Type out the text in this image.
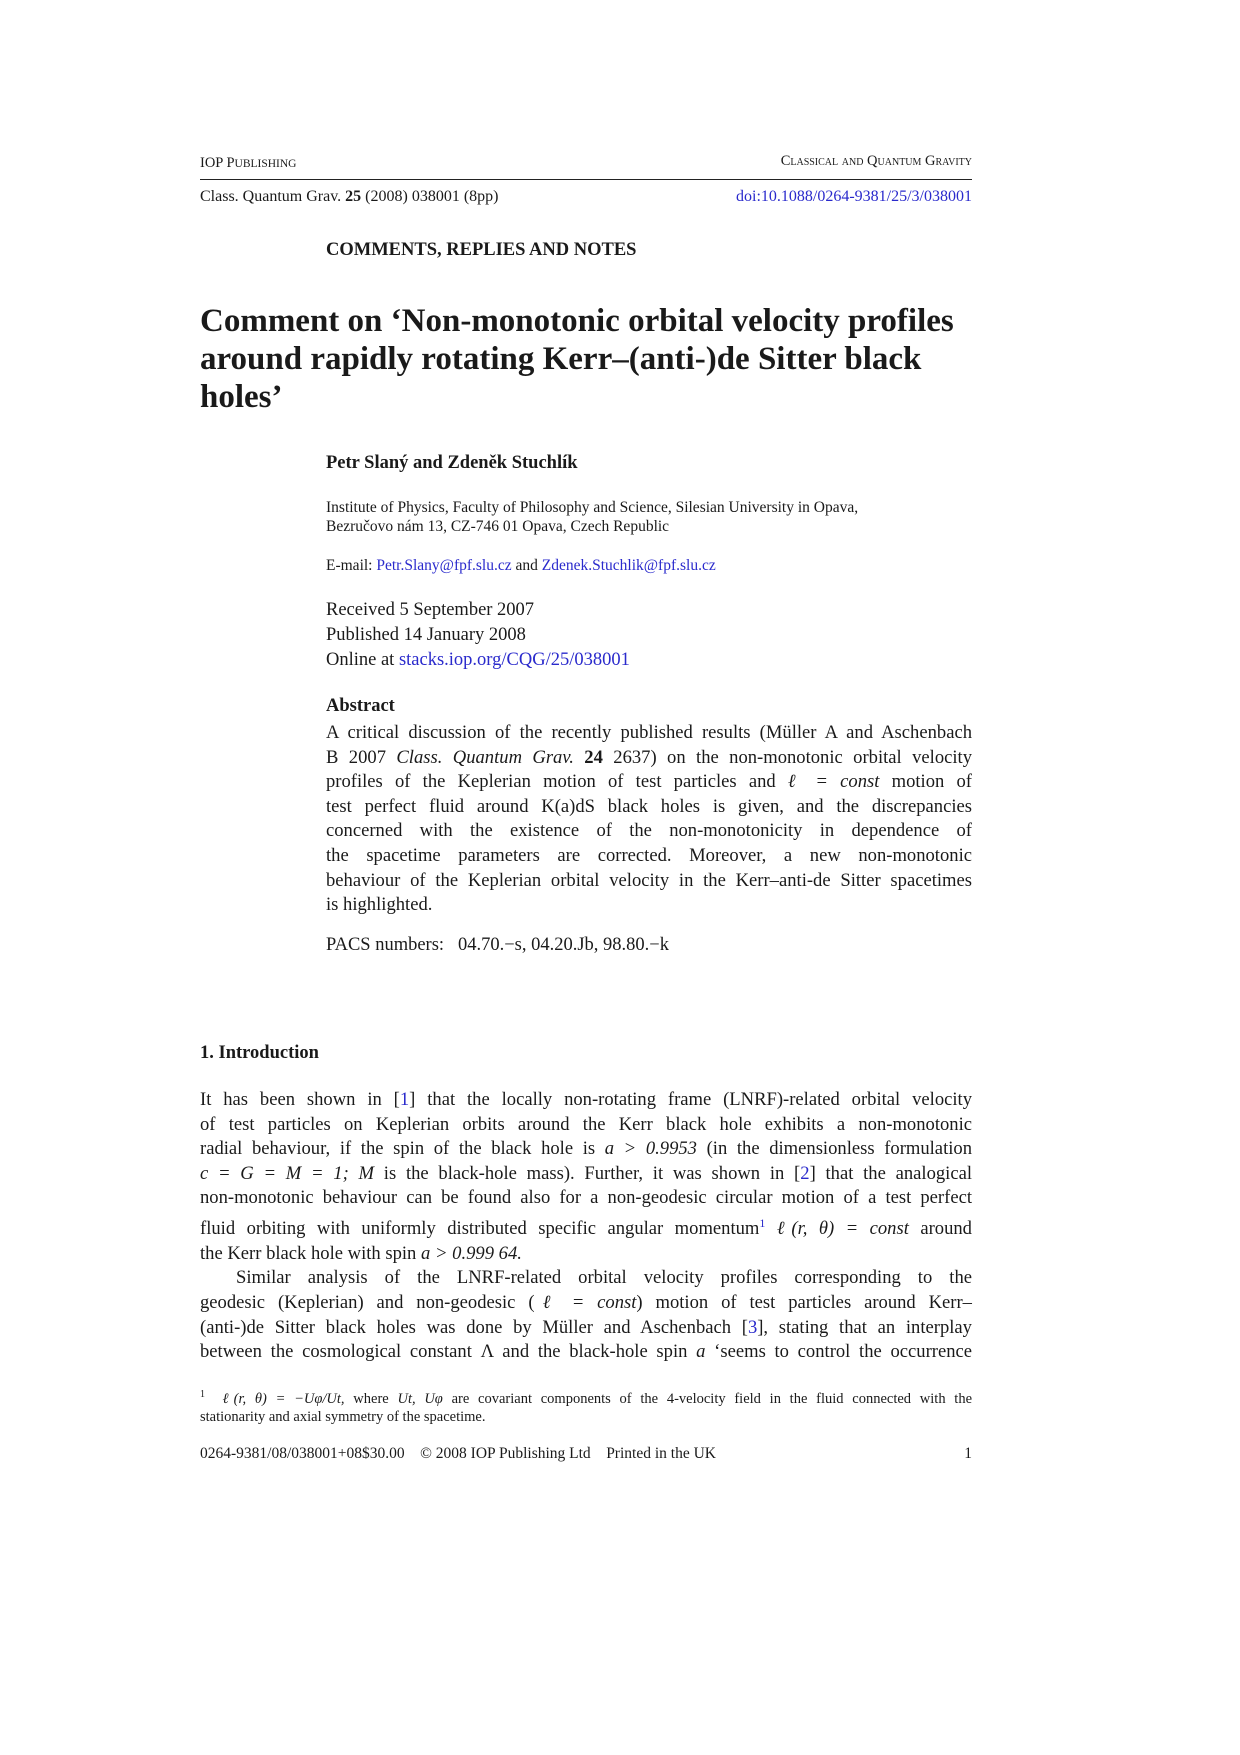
IOP PUBLISHING	Classical and Quantum Gravity
Class. Quantum Grav. 25 (2008) 038001 (8pp)	doi:10.1088/0264-9381/25/3/038001
COMMENTS, REPLIES AND NOTES
Comment on ‘Non-monotonic orbital velocity profiles
around rapidly rotating Kerr–(anti-)de Sitter black
holes’
Petr Slaný and Zdeněk Stuchlík
Institute of Physics, Faculty of Philosophy and Science, Silesian University in Opava,
Bezručovo nám 13, CZ-746 01 Opava, Czech Republic
E-mail: Petr.Slany@fpf.slu.cz and Zdenek.Stuchlik@fpf.slu.cz
Received 5 September 2007
Published 14 January 2008
Online at stacks.iop.org/CQG/25/038001
Abstract
A critical discussion of the recently published results (Müller A and Aschenbach
B 2007 Class. Quantum Grav. 24 2637) on the non-monotonic orbital velocity
profiles of the Keplerian motion of test particles and ℓ = const motion of
test perfect fluid around K(a)dS black holes is given, and the discrepancies
concerned with the existence of the non-monotonicity in dependence of
the spacetime parameters are corrected. Moreover, a new non-monotonic
behaviour of the Keplerian orbital velocity in the Kerr–anti-de Sitter spacetimes
is highlighted.
PACS numbers: 04.70.−s, 04.20.Jb, 98.80.−k
1. Introduction
It has been shown in [1] that the locally non-rotating frame (LNRF)-related orbital velocity
of test particles on Keplerian orbits around the Kerr black hole exhibits a non-monotonic
radial behaviour, if the spin of the black hole is a > 0.9953 (in the dimensionless formulation
c = G = M = 1; M is the black-hole mass). Further, it was shown in [2] that the analogical
non-monotonic behaviour can be found also for a non-geodesic circular motion of a test perfect
fluid orbiting with uniformly distributed specific angular momentum$^1$ ℓ(r, θ) = const around
the Kerr black hole with spin a > 0.999 64.
Similar analysis of the LNRF-related orbital velocity profiles corresponding to the
geodesic (Keplerian) and non-geodesic (ℓ = const) motion of test particles around Kerr–
(anti-)de Sitter black holes was done by Müller and Aschenbach [3], stating that an interplay
between the cosmological constant Λ and the black-hole spin a ‘seems to control the occurrence
$^1$ ℓ(r, θ) = −Uφ/Ut, where Ut, Uφ are covariant components of the 4-velocity field in the fluid connected with the
stationarity and axial symmetry of the spacetime.
0264-9381/08/038001+08$30.00 © 2008 IOP Publishing Ltd Printed in the UK	1
